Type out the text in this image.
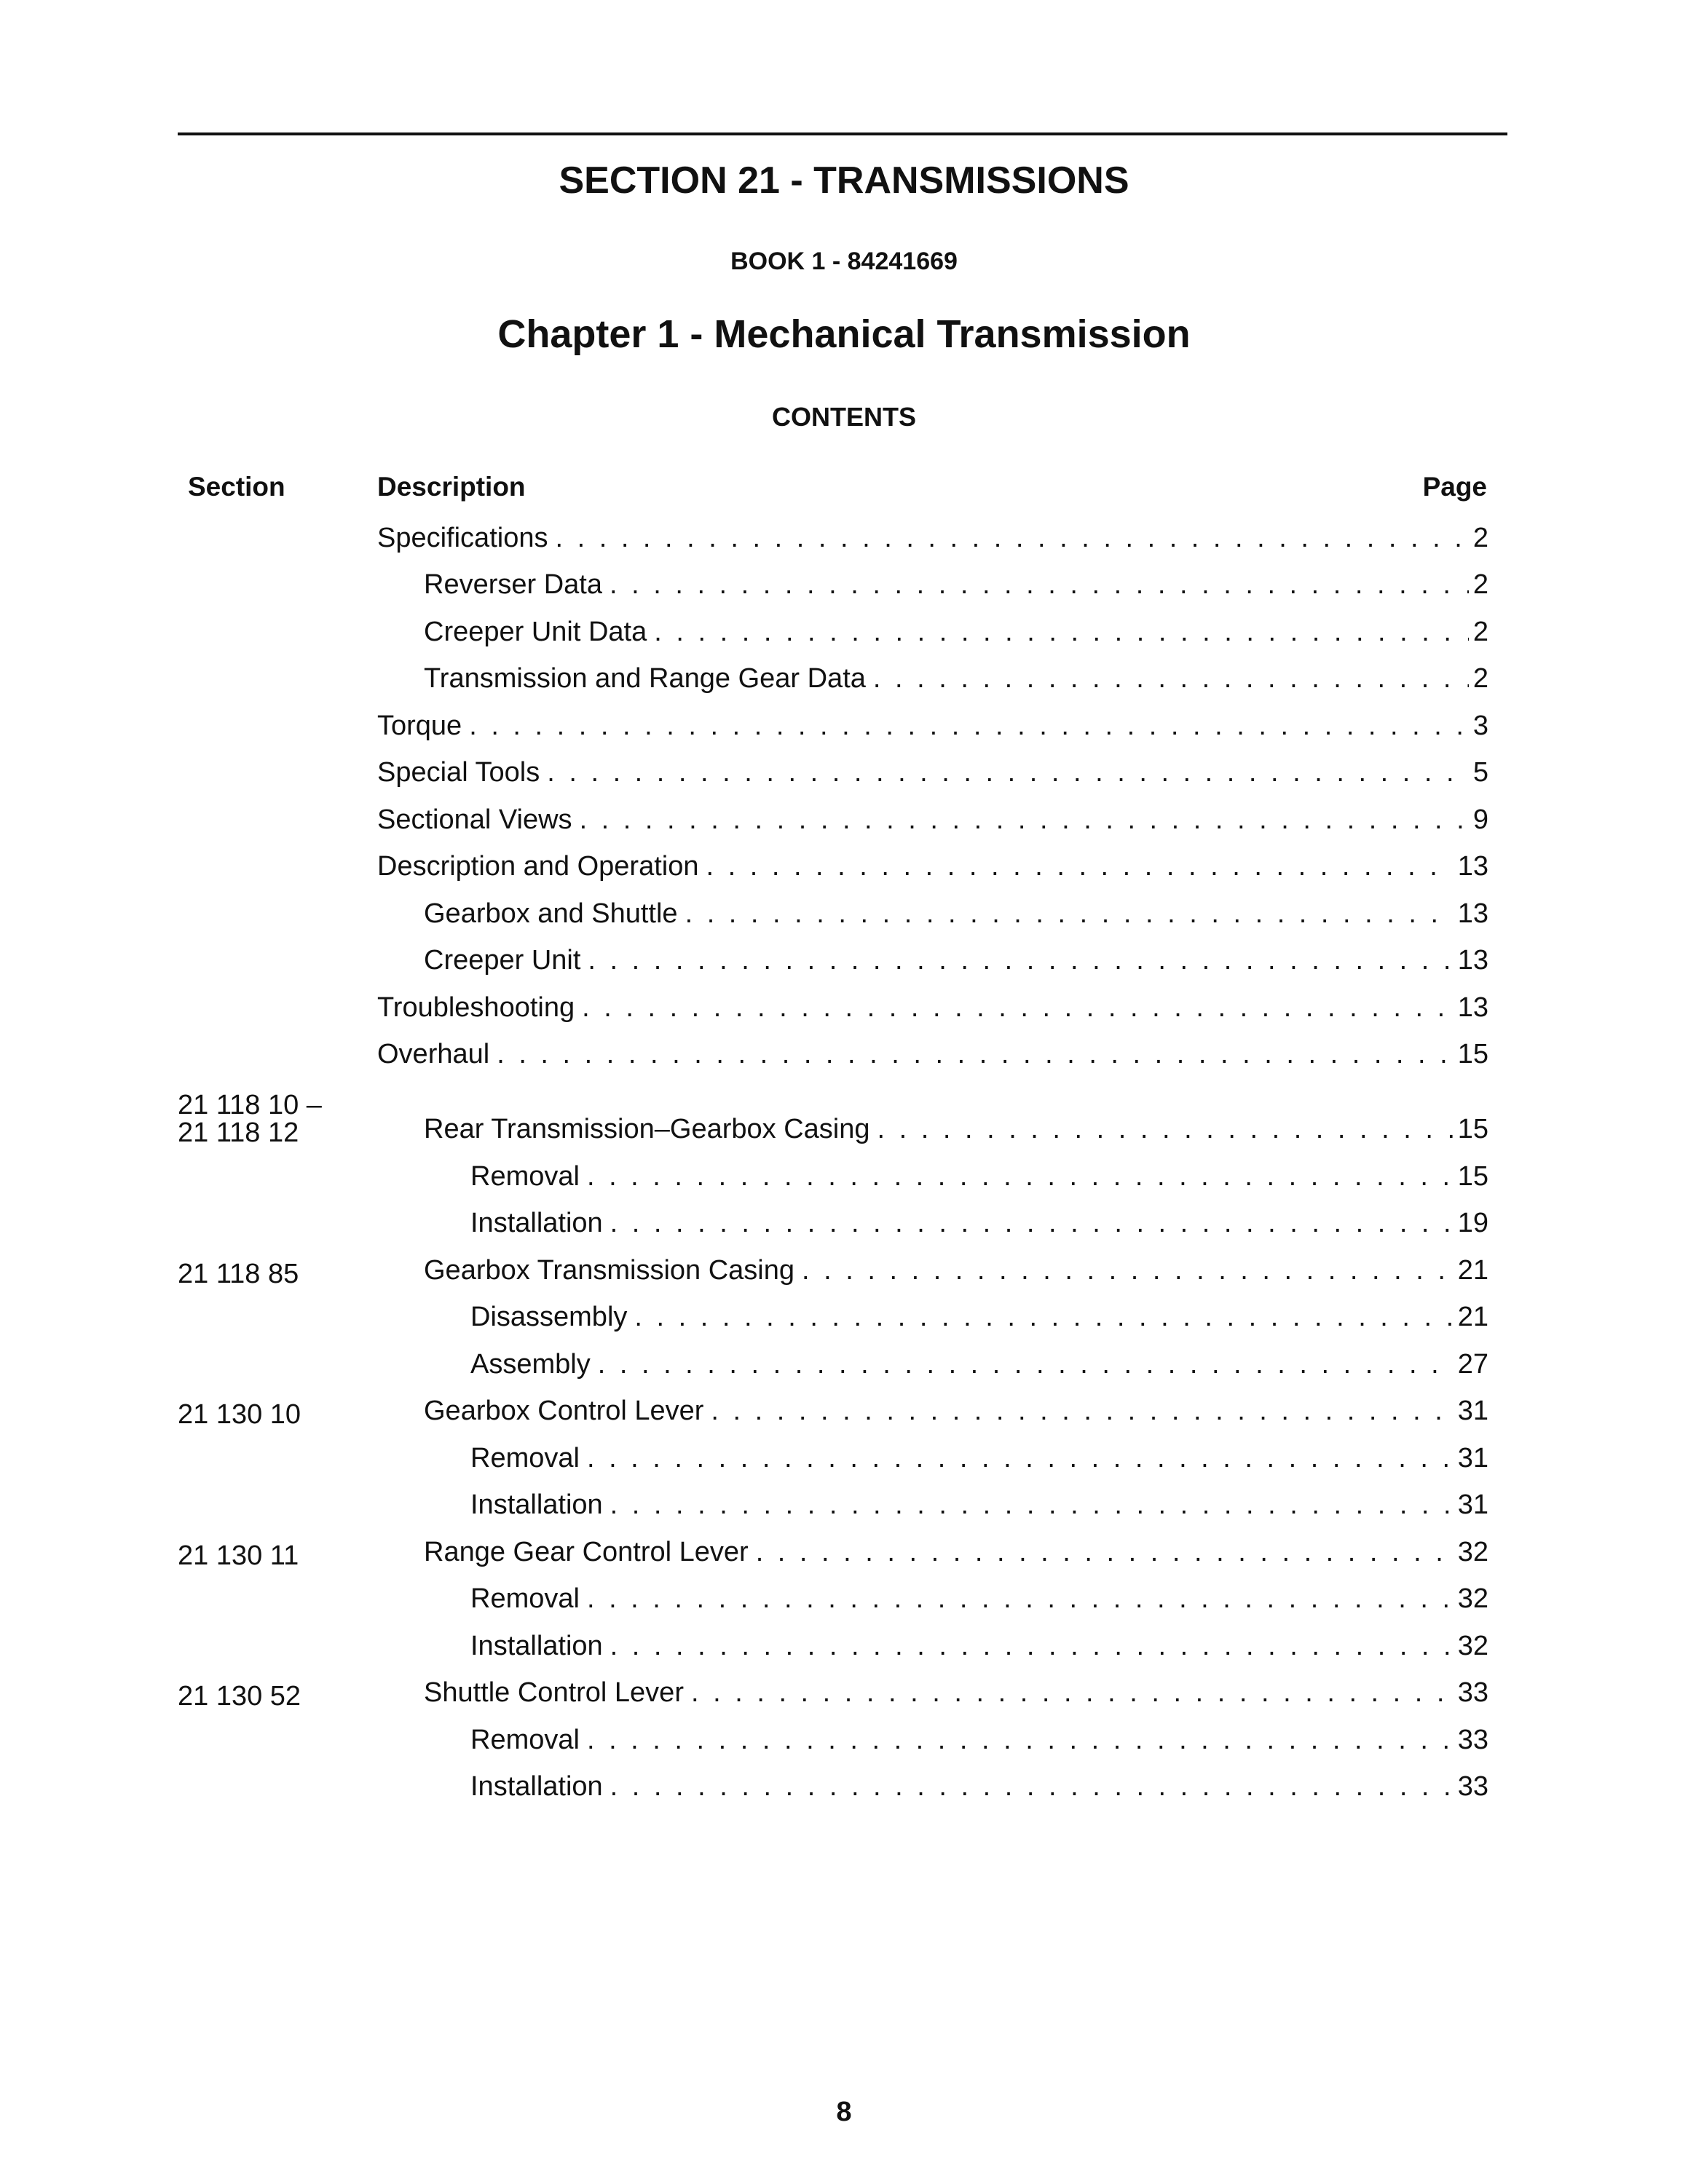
SECTION 21 - TRANSMISSIONS
BOOK 1 - 84241669
Chapter 1 - Mechanical Transmission
CONTENTS
Section	Description	Page
Specifications . . .	2
Reverser Data . . .	2
Creeper Unit Data . . .	2
Transmission and Range Gear Data . . .	2
Torque . . .	3
Special Tools . . .	5
Sectional Views . . .	9
Description and Operation . . .	13
Gearbox and Shuttle . . .	13
Creeper Unit . . .	13
Troubleshooting . . .	13
Overhaul . . .	15
21 118 10 –
21 118 12	Rear Transmission–Gearbox Casing . . .	15
Removal . . .	15
Installation . . .	19
21 118 85	Gearbox Transmission Casing . . .	21
Disassembly . . .	21
Assembly . . .	27
21 130 10	Gearbox Control Lever . . .	31
Removal . . .	31
Installation . . .	31
21 130 11	Range Gear Control Lever . . .	32
Removal . . .	32
Installation . . .	32
21 130 52	Shuttle Control Lever . . .	33
Removal . . .	33
Installation . . .	33
8
